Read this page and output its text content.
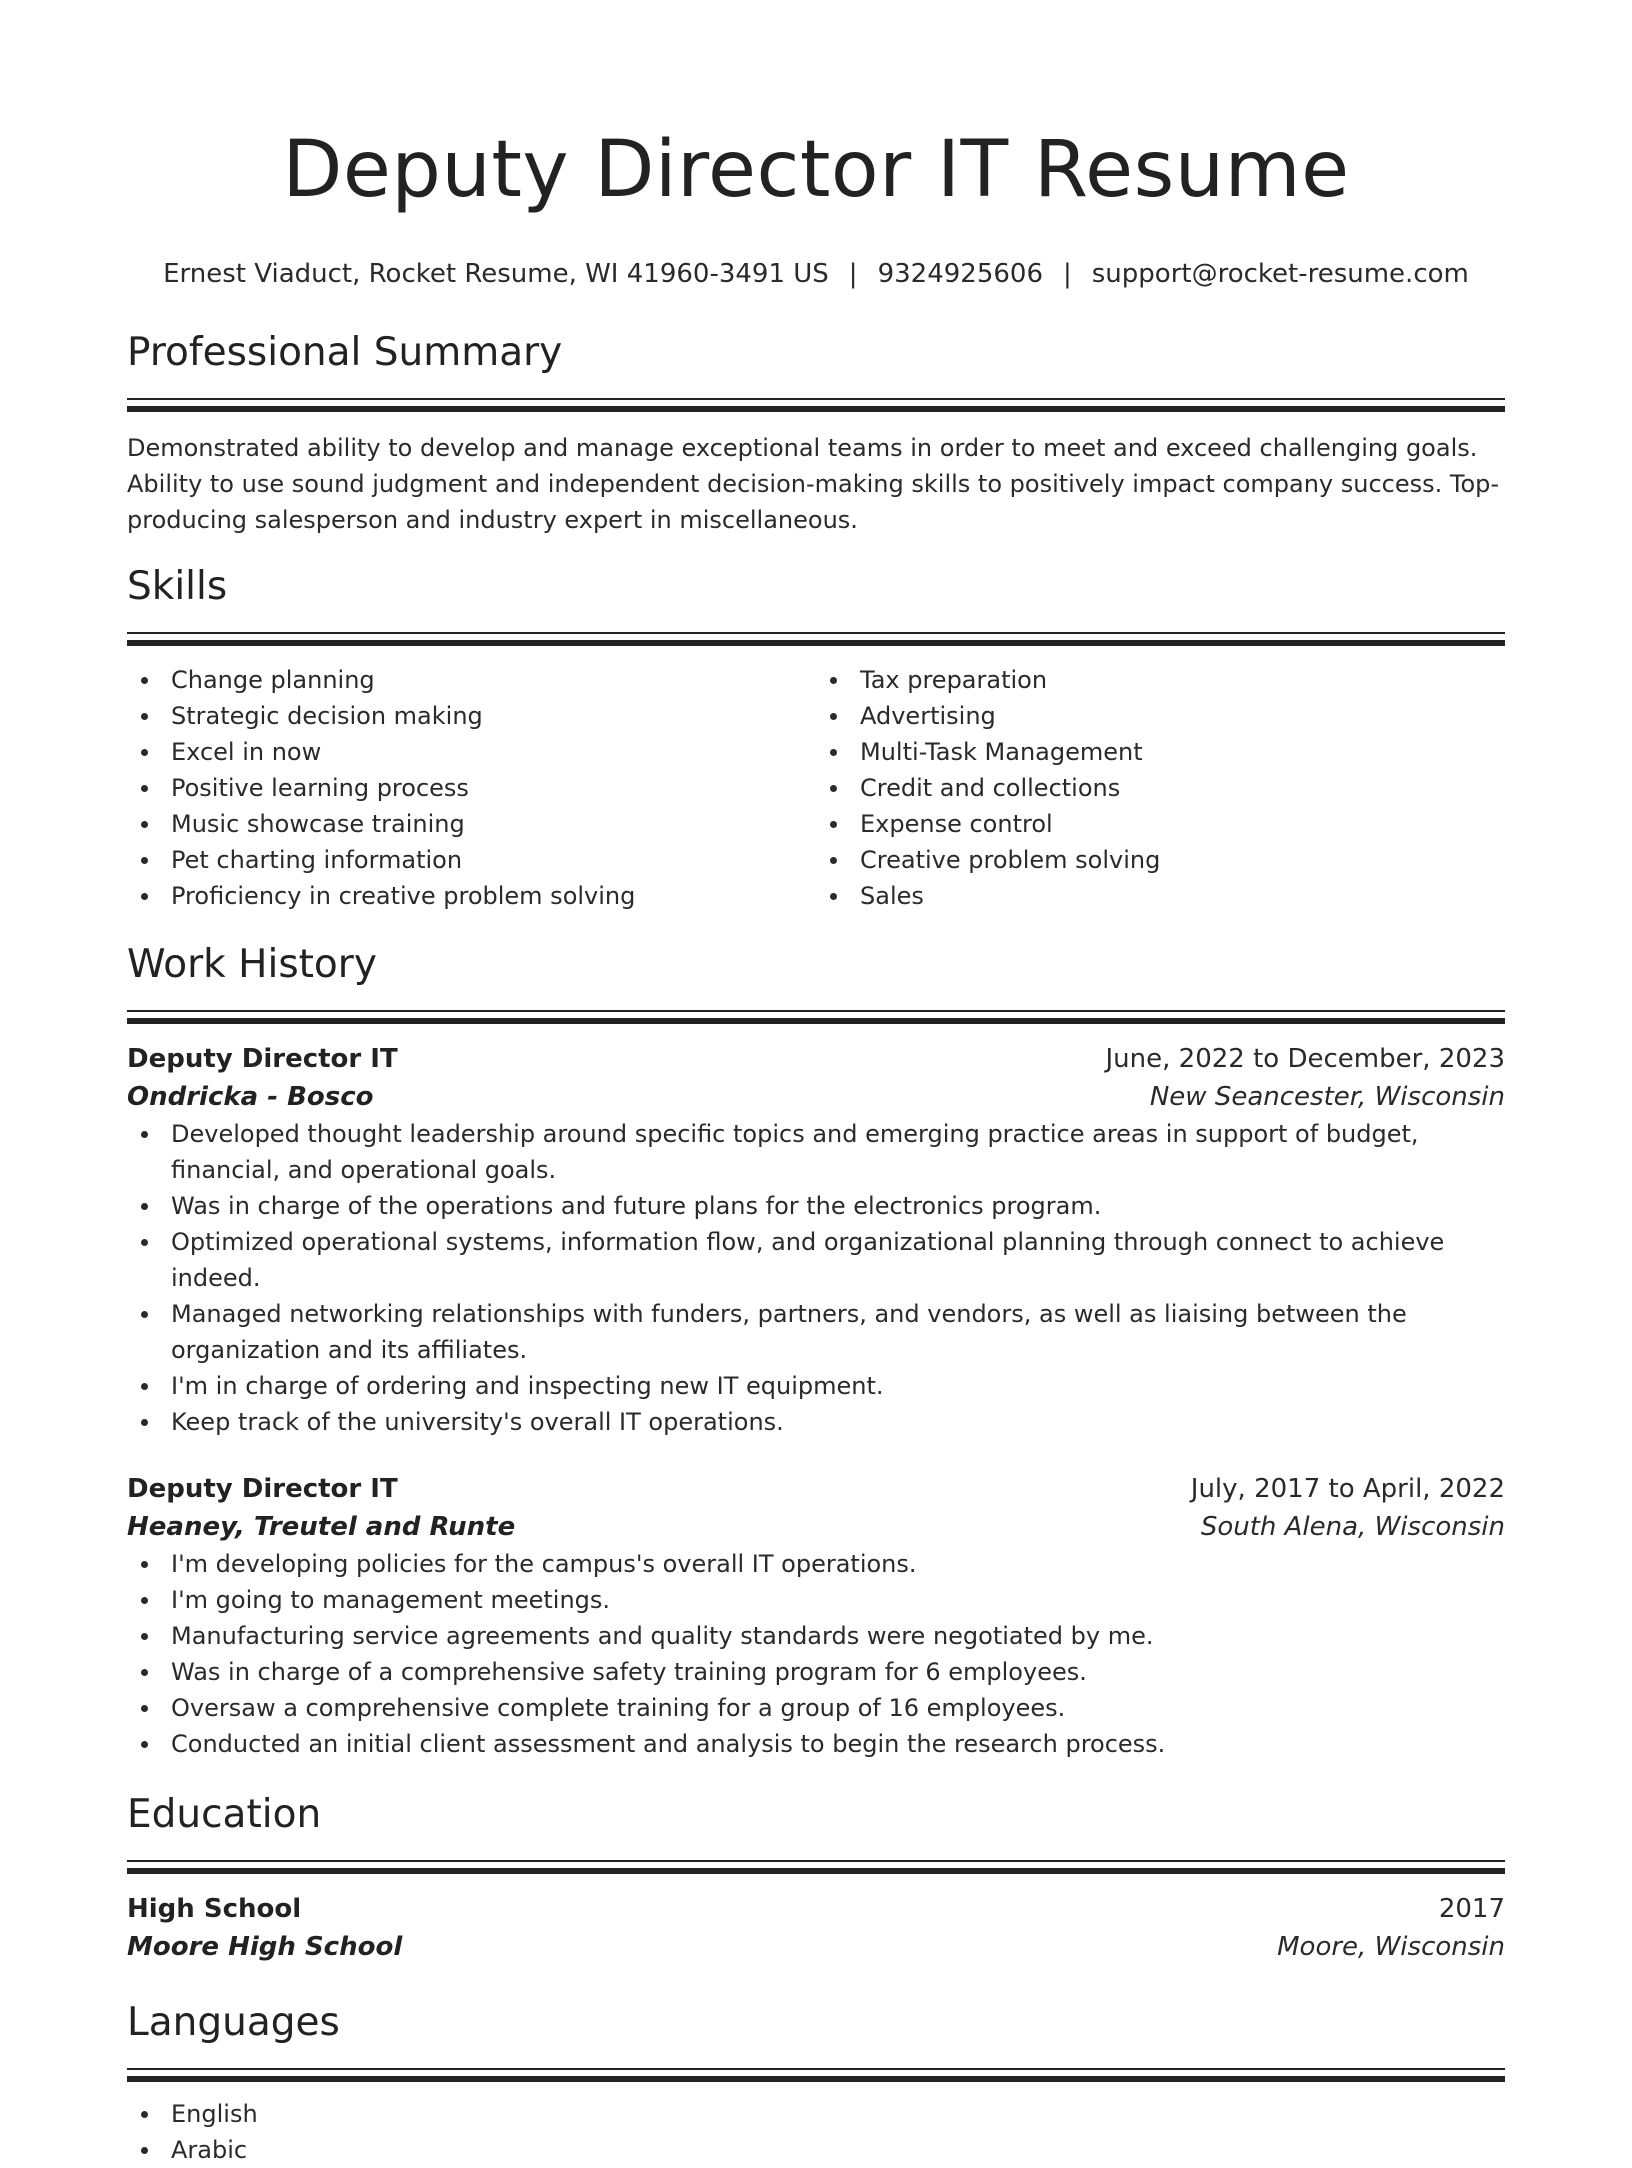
Deputy Director IT Resume
Ernest Viaduct, Rocket Resume, WI 41960-3491 US | 9324925606 | support@rocket-resume.com
Professional Summary
Demonstrated ability to develop and manage exceptional teams in order to meet and exceed challenging goals. Ability to use sound judgment and independent decision-making skills to positively impact company success. Top-producing salesperson and industry expert in miscellaneous.
Skills
Change planning
Strategic decision making
Excel in now
Positive learning process
Music showcase training
Pet charting information
Proficiency in creative problem solving
Tax preparation
Advertising
Multi-Task Management
Credit and collections
Expense control
Creative problem solving
Sales
Work History
Deputy Director IT	June, 2022 to December, 2023
Ondricka - Bosco	New Seancester, Wisconsin
Developed thought leadership around specific topics and emerging practice areas in support of budget, financial, and operational goals.
Was in charge of the operations and future plans for the electronics program.
Optimized operational systems, information flow, and organizational planning through connect to achieve indeed.
Managed networking relationships with funders, partners, and vendors, as well as liaising between the organization and its affiliates.
I'm in charge of ordering and inspecting new IT equipment.
Keep track of the university's overall IT operations.
Deputy Director IT	July, 2017 to April, 2022
Heaney, Treutel and Runte	South Alena, Wisconsin
I'm developing policies for the campus's overall IT operations.
I'm going to management meetings.
Manufacturing service agreements and quality standards were negotiated by me.
Was in charge of a comprehensive safety training program for 6 employees.
Oversaw a comprehensive complete training for a group of 16 employees.
Conducted an initial client assessment and analysis to begin the research process.
Education
High School	2017
Moore High School	Moore, Wisconsin
Languages
English
Arabic
